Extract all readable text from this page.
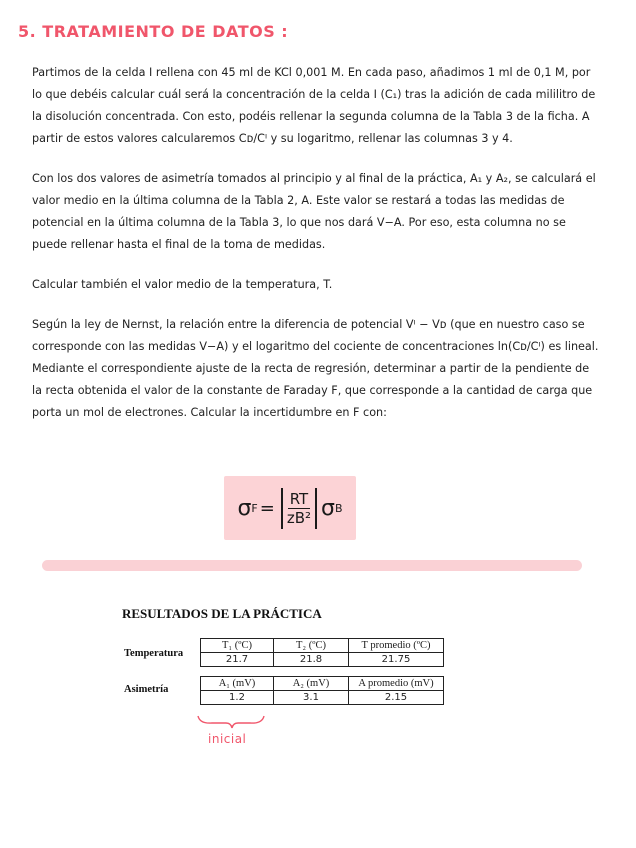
5. TRATAMIENTO DE DATOS :

Partimos de la celda I rellena con 45 ml de KCl 0,001 M. En cada paso, añadimos 1 ml de 0,1 M, por lo que debéis calcular cuál será la concentración de la celda I (C₁) tras la adición de cada mililitro de la disolución concentrada. Con esto, podéis rellenar la segunda columna de la Tabla 3 de la ficha. A partir de estos valores calcularemos Cᴅ/Cᴵ y su logaritmo, rellenar las columnas 3 y 4.

Con los dos valores de asimetría tomados al principio y al final de la práctica, A₁ y A₂, se calculará el valor medio en la última columna de la Tabla 2, A. Este valor se restará a todas las medidas de potencial en la última columna de la Tabla 3, lo que nos dará V−A. Por eso, esta columna no se puede rellenar hasta el final de la toma de medidas.

Calcular también el valor medio de la temperatura, T.

Según la ley de Nernst, la relación entre la diferencia de potencial Vᴵ − Vᴅ (que en nuestro caso se corresponde con las medidas V−A) y el logaritmo del cociente de concentraciones ln(Cᴅ/Cᴵ) es lineal. Mediante el correspondiente ajuste de la recta de regresión, determinar a partir de la pendiente de la recta obtenida el valor de la constante de Faraday F, que corresponde a la cantidad de carga que porta un mol de electrones. Calcular la incertidumbre en F con:

σ $F = \frac{RT}{\text{zB²}}$ σ B
RESULTADOS DE LA PRÁCTICA
Temperatura
T₁ (ºC)	T₂ (ºC)	T promedio (ºC)
21.7	21.8	21.75
Asimetría
A₁ (mV)	A₂ (mV)	A promedio (mV)
1.2	3.1	2.15
inicial
